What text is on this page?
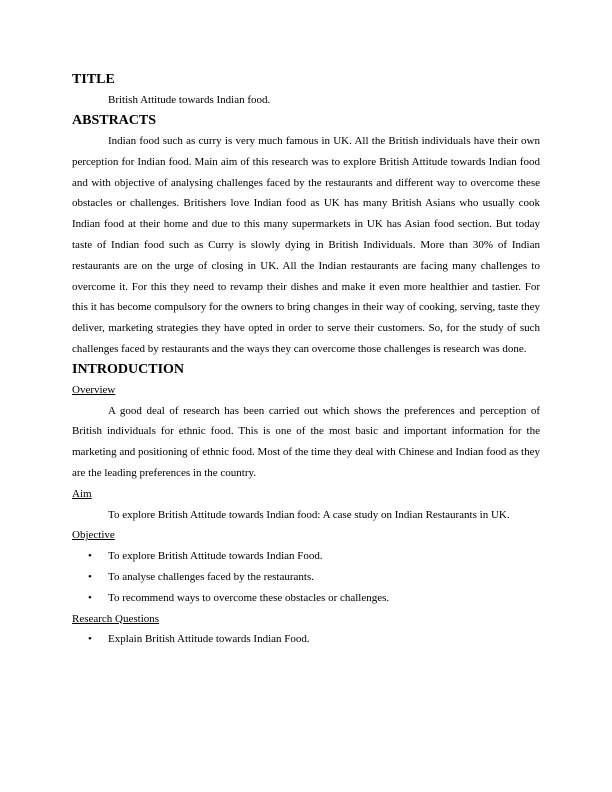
TITLE

British Attitude towards Indian food.

ABSTRACTS

Indian food such as curry is very much famous in UK. All the British individuals have their own perception for Indian food. Main aim of this research was to explore British Attitude towards Indian food and with objective of analysing challenges faced by the restaurants and different way to overcome these obstacles or challenges. Britishers love Indian food as UK has many British Asians who usually cook Indian food at their home and due to this many supermarkets in UK has Asian food section. But today taste of Indian food such as Curry is slowly dying in British Individuals. More than 30% of Indian restaurants are on the urge of closing in UK. All the Indian restaurants are facing many challenges to overcome it. For this they need to revamp their dishes and make it even more healthier and tastier. For this it has become compulsory for the owners to bring changes in their way of cooking, serving, taste they deliver, marketing strategies they have opted in order to serve their customers. So, for the study of such challenges faced by restaurants and the ways they can overcome those challenges is research was done.

INTRODUCTION
Overview

A good deal of research has been carried out which shows the preferences and perception of British individuals for ethnic food. This is one of the most basic and important information for the marketing and positioning of ethnic food. Most of the time they deal with Chinese and Indian food as they are the leading preferences in the country.

Aim

To explore British Attitude towards Indian food: A case study on Indian Restaurants in UK.

Objective
• To explore British Attitude towards Indian Food.
• To analyse challenges faced by the restaurants.
• To recommend ways to overcome these obstacles or challenges.
Research Questions
• Explain British Attitude towards Indian Food.
